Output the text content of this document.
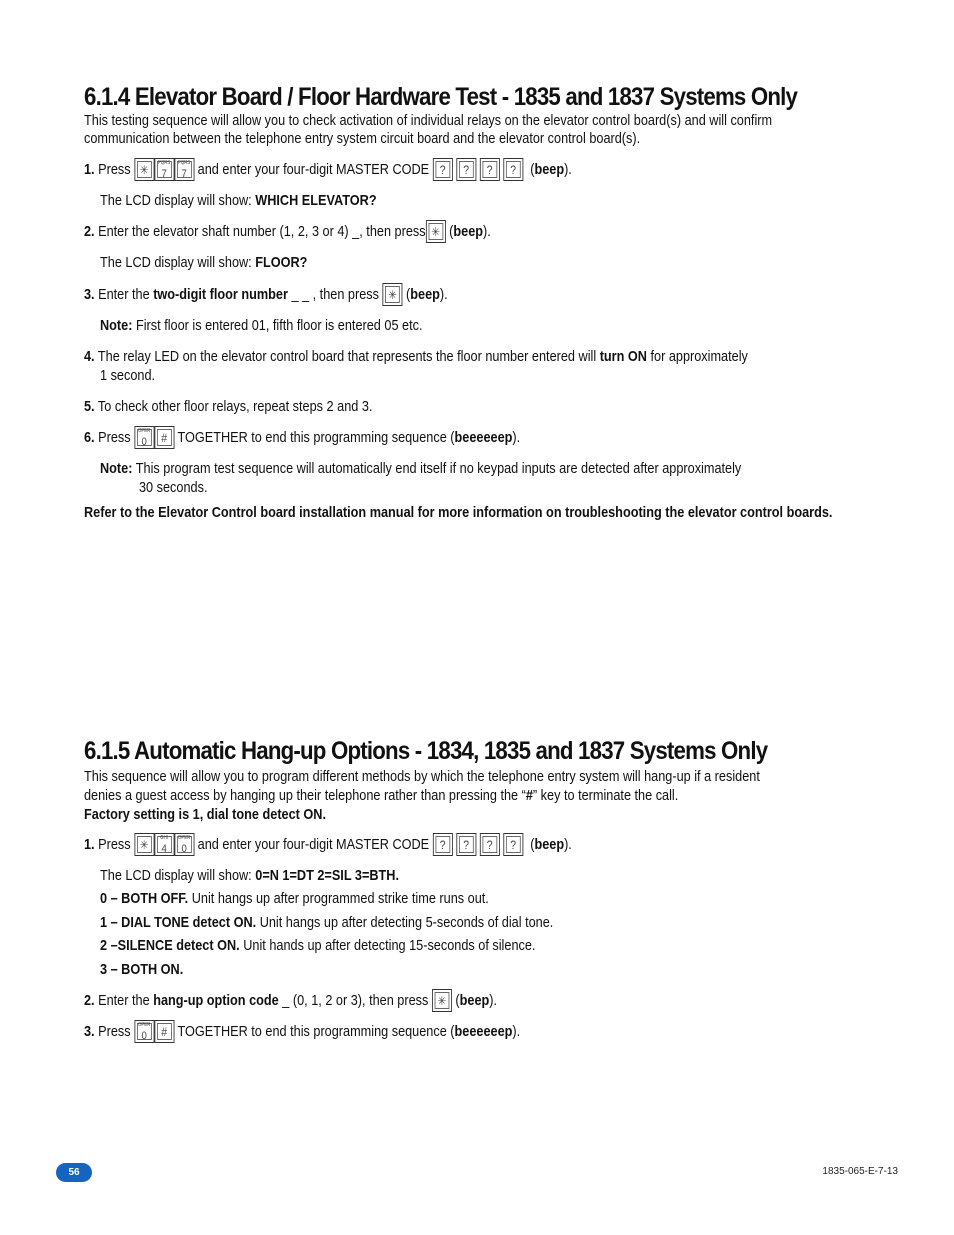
6.1.4 Elevator Board / Floor Hardware Test - 1835 and 1837 Systems Only
This testing sequence will allow you to check activation of individual relays on the elevator control board(s) and will confirm
communication between the telephone entry system circuit board and the elevator control board(s).
1. Press ✳	PQRS
7
PQRS
7 and enter your four-digit MASTER CODE ?	?	?	? (beep).
The LCD display will show: WHICH ELEVATOR?
2. Enter the elevator shaft number (1, 2, 3 or 4) _, then press ✳ (beep).
The LCD display will show: FLOOR?
3. Enter the two-digit floor number _ _ , then press ✳ (beep).
Note: First floor is entered 01, fifth floor is entered 05 etc.
4. The relay LED on the elevator control board that represents the floor number entered will turn ON for approximately
1 second.
5. To check other floor relays, repeat steps 2 and 3.
6. Press	OPER
0	# TOGETHER to end this programming sequence (beeeeeep).
Note: This program test sequence will automatically end itself if no keypad inputs are detected after approximately
30 seconds.
Refer to the Elevator Control board installation manual for more information on troubleshooting the elevator control boards.
6.1.5 Automatic Hang-up Options - 1834, 1835 and 1837 Systems Only
This sequence will allow you to program different methods by which the telephone entry system will hang-up if a resident
denies a guest access by hanging up their telephone rather than pressing the “#” key to terminate the call.
Factory setting is 1, dial tone detect ON.
1. Press ✳	GHI
4
OPER
0 and enter your four-digit MASTER CODE ?	?	?	? (beep).
The LCD display will show: 0=N 1=DT 2=SIL 3=BTH.
0 – BOTH OFF. Unit hangs up after programmed strike time runs out.
1 – DIAL TONE detect ON. Unit hangs up after detecting 5-seconds of dial tone.
2 –SILENCE detect ON. Unit hands up after detecting 15-seconds of silence.
3 – BOTH ON.
2. Enter the hang-up option code _ (0, 1, 2 or 3), then press ✳ (beep).
3. Press	OPER
0	# TOGETHER to end this programming sequence (beeeeeep).
56	1835-065-E-7-13
